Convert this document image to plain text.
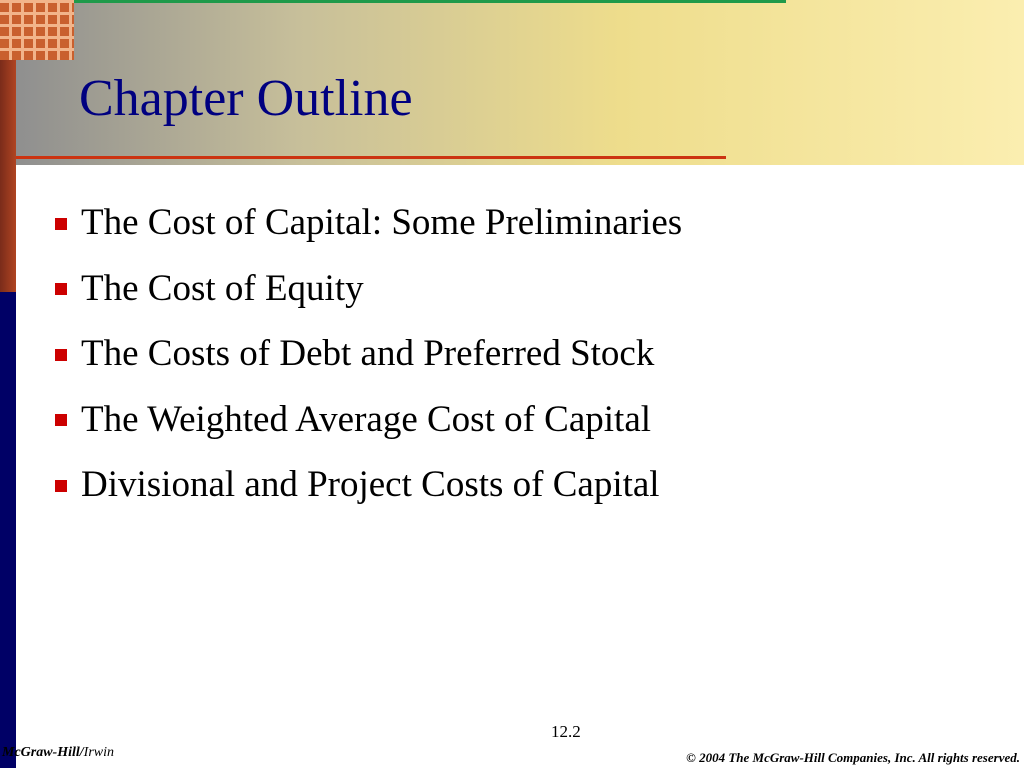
Chapter Outline
The Cost of Capital: Some Preliminaries
The Cost of Equity
The Costs of Debt and Preferred Stock
The Weighted Average Cost of Capital
Divisional and Project Costs of Capital
12.2
McGraw-Hill/Irwin	© 2004 The McGraw-Hill Companies, Inc. All rights reserved.
